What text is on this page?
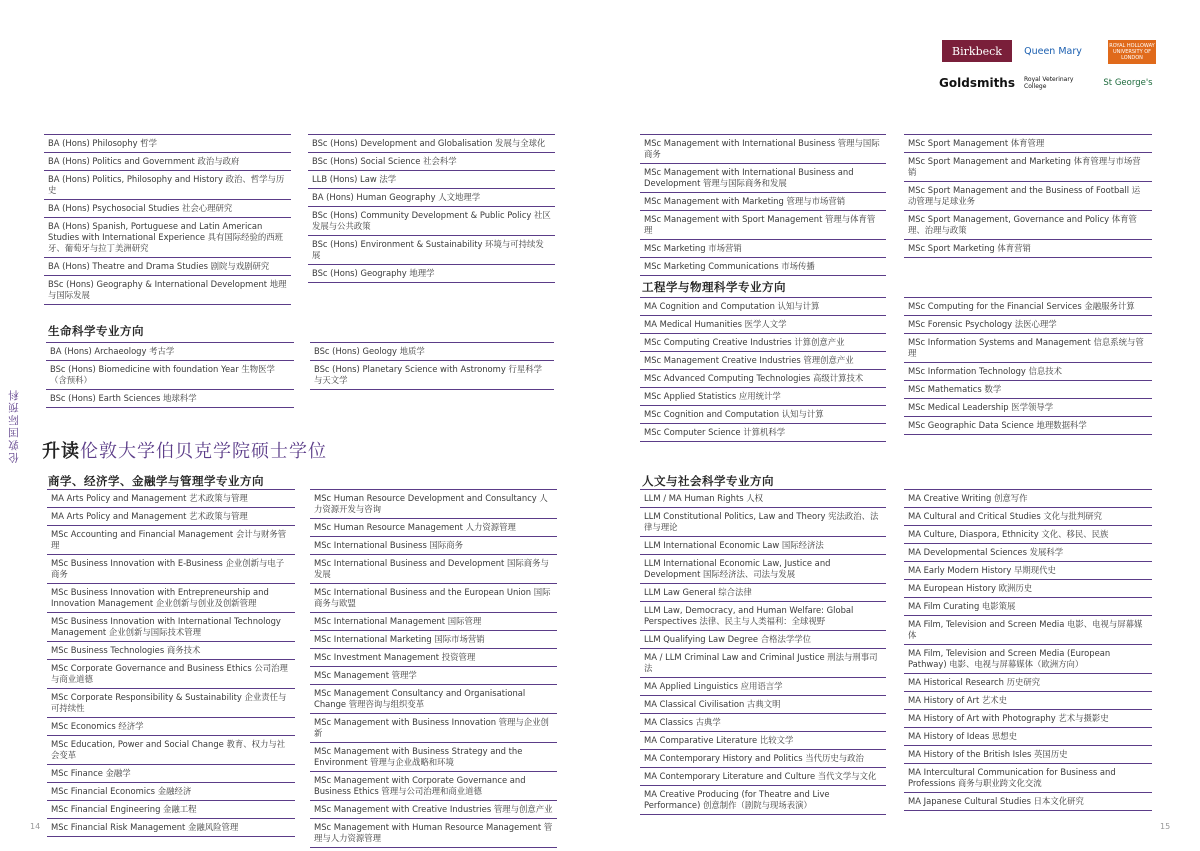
伦敦国际预科
Birkbeck	Queen Mary	ROYAL HOLLOWAY UNIVERSITY OF LONDON
Goldsmiths Royal Veterinary College	St George's
BA (Hons) Philosophy 哲学
BA (Hons) Politics and Government 政治与政府
BA (Hons) Politics, Philosophy and History 政治、哲学与历史
BA (Hons) Psychosocial Studies 社会心理研究
BA (Hons) Spanish, Portuguese and Latin American Studies with International Experience 具有国际经验的西班牙、葡萄牙与拉丁美洲研究
BA (Hons) Theatre and Drama Studies 剧院与戏剧研究
BSc (Hons) Geography & International Development 地理与国际发展
BSc (Hons) Development and Globalisation 发展与全球化
BSc (Hons) Social Science 社会科学
LLB (Hons) Law 法学
BA (Hons) Human Geography 人文地理学
BSc (Hons) Community Development & Public Policy 社区发展与公共政策
BSc (Hons) Environment & Sustainability 环境与可持续发展
BSc (Hons) Geography 地理学
生命科学专业方向
BA (Hons) Archaeology 考古学
BSc (Hons) Biomedicine with foundation Year 生物医学（含预科）
BSc (Hons) Earth Sciences 地球科学
BSc (Hons) Geology 地质学
BSc (Hons) Planetary Science with Astronomy 行星科学与天文学
升读伦敦大学伯贝克学院硕士学位
商学、经济学、金融学与管理学专业方向
MA Arts Policy and Management 艺术政策与管理
MA Arts Policy and Management 艺术政策与管理
MSc Accounting and Financial Management 会计与财务管理
MSc Business Innovation with E-Business 企业创新与电子商务
MSc Business Innovation with Entrepreneurship and Innovation Management 企业创新与创业及创新管理
MSc Business Innovation with International Technology Management 企业创新与国际技术管理
MSc Business Technologies 商务技术
MSc Corporate Governance and Business Ethics 公司治理与商业道德
MSc Corporate Responsibility & Sustainability 企业责任与可持续性
MSc Economics 经济学
MSc Education, Power and Social Change 教育、权力与社会变革
MSc Finance 金融学
MSc Financial Economics 金融经济
MSc Financial Engineering 金融工程
MSc Financial Risk Management 金融风险管理
MSc Human Resource Development and Consultancy 人力资源开发与咨询
MSc Human Resource Management 人力资源管理
MSc International Business 国际商务
MSc International Business and Development 国际商务与发展
MSc International Business and the European Union 国际商务与欧盟
MSc International Management 国际管理
MSc International Marketing 国际市场营销
MSc Investment Management 投资管理
MSc Management 管理学
MSc Management Consultancy and Organisational Change 管理咨询与组织变革
MSc Management with Business Innovation 管理与企业创新
MSc Management with Business Strategy and the Environment 管理与企业战略和环境
MSc Management with Corporate Governance and Business Ethics 管理与公司治理和商业道德
MSc Management with Creative Industries 管理与创意产业
MSc Management with Human Resource Management 管理与人力资源管理
MSc Management with International Business 管理与国际商务
MSc Management with International Business and Development 管理与国际商务和发展
MSc Management with Marketing 管理与市场营销
MSc Management with Sport Management 管理与体育管理
MSc Marketing 市场营销
MSc Marketing Communications 市场传播
MSc Sport Management 体育管理
MSc Sport Management and Marketing 体育管理与市场营销
MSc Sport Management and the Business of Football 运动管理与足球业务
MSc Sport Management, Governance and Policy 体育管理、治理与政策
MSc Sport Marketing 体育营销
工程学与物理科学专业方向
MA Cognition and Computation 认知与计算
MA Medical Humanities 医学人文学
MSc Computing Creative Industries 计算创意产业
MSc Management Creative Industries 管理创意产业
MSc Advanced Computing Technologies 高级计算技术
MSc Applied Statistics 应用统计学
MSc Cognition and Computation 认知与计算
MSc Computer Science 计算机科学
MSc Computing for the Financial Services 金融服务计算
MSc Forensic Psychology 法医心理学
MSc Information Systems and Management 信息系统与管理
MSc Information Technology 信息技术
MSc Mathematics 数学
MSc Medical Leadership 医学领导学
MSc Geographic Data Science 地理数据科学
人文与社会科学专业方向
LLM / MA Human Rights 人权
LLM Constitutional Politics, Law and Theory 宪法政治、法律与理论
LLM International Economic Law 国际经济法
LLM International Economic Law, Justice and Development 国际经济法、司法与发展
LLM Law General 综合法律
LLM Law, Democracy, and Human Welfare: Global Perspectives 法律、民主与人类福利：全球视野
LLM Qualifying Law Degree 合格法学学位
MA / LLM Criminal Law and Criminal Justice 刑法与刑事司法
MA Applied Linguistics 应用语言学
MA Classical Civilisation 古典文明
MA Classics 古典学
MA Comparative Literature 比较文学
MA Contemporary History and Politics 当代历史与政治
MA Contemporary Literature and Culture 当代文学与文化
MA Creative Producing (for Theatre and Live Performance) 创意制作（剧院与现场表演）
MA Creative Writing 创意写作
MA Cultural and Critical Studies 文化与批判研究
MA Culture, Diaspora, Ethnicity 文化、移民、民族
MA Developmental Sciences 发展科学
MA Early Modern History 早期现代史
MA European History 欧洲历史
MA Film Curating 电影策展
MA Film, Television and Screen Media 电影、电视与屏幕媒体
MA Film, Television and Screen Media (European Pathway) 电影、电视与屏幕媒体（欧洲方向）
MA Historical Research 历史研究
MA History of Art 艺术史
MA History of Art with Photography 艺术与摄影史
MA History of Ideas 思想史
MA History of the British Isles 英国历史
MA Intercultural Communication for Business and Professions 商务与职业跨文化交流
MA Japanese Cultural Studies 日本文化研究
14	15
